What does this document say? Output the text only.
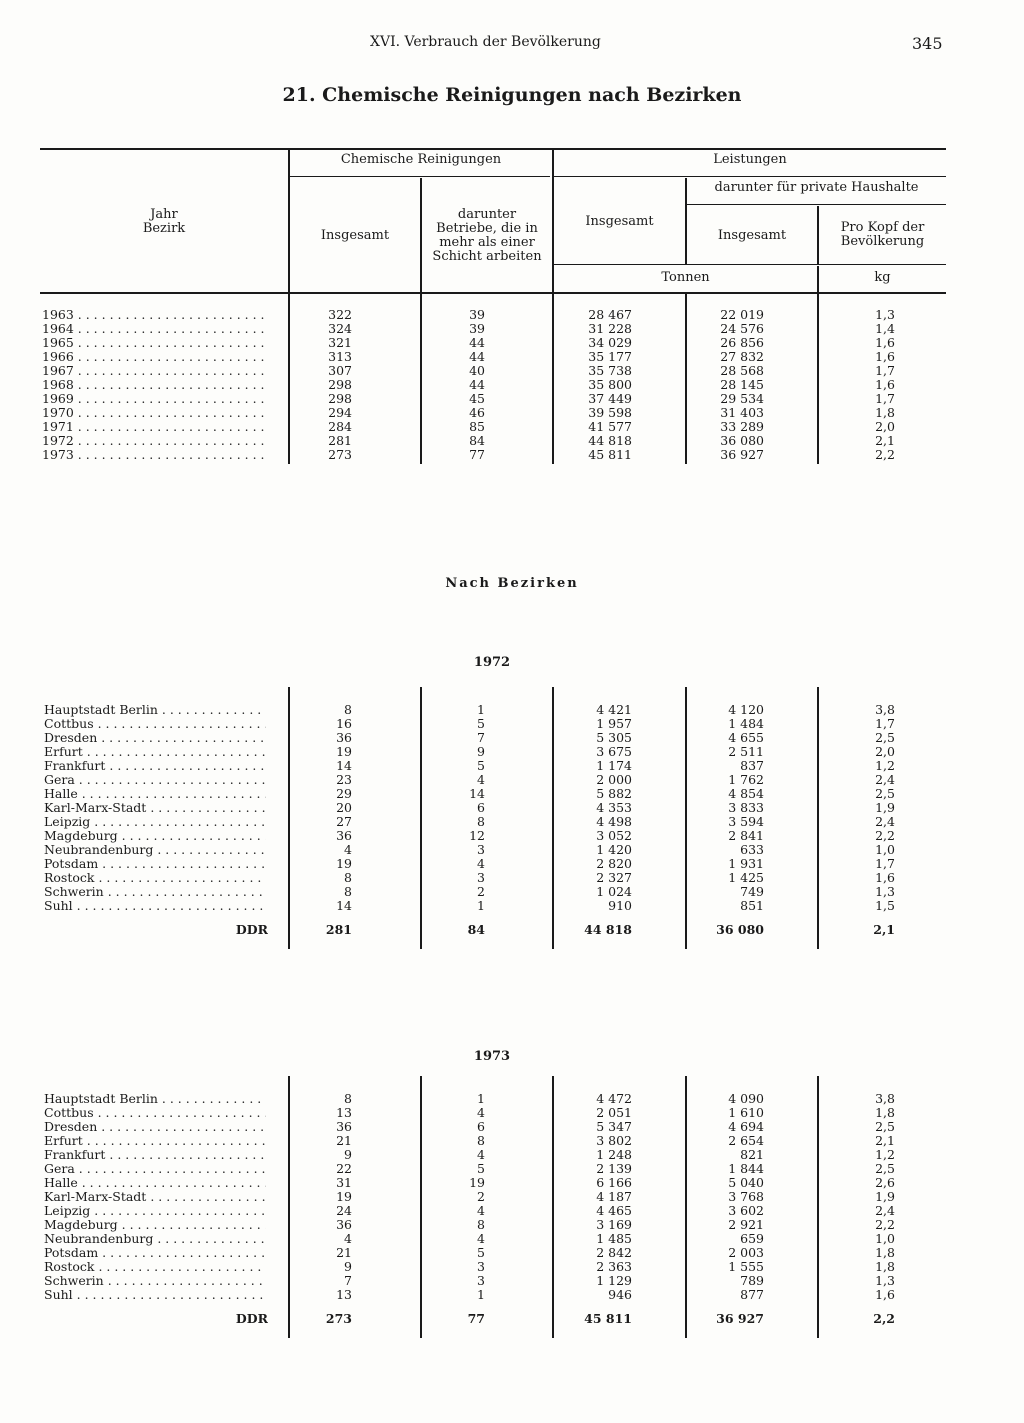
XVI. Verbrauch der Bevölkerung	345
21. Chemische Reinigungen nach Bezirken
Jahr
Bezirk
Chemische Reinigungen
Insgesamt
darunter
Betriebe, die in
mehr als einer
Schicht arbeiten
Leistungen
Insgesamt
darunter für private Haushalte
Insgesamt
Pro Kopf der
Bevölkerung
Tonnen	kg
Nach Bezirken
1972
1973
1963 . . .	322	39	28 467	22 019	1,3
1964 . . .	324	39	31 228	24 576	1,4
1965 . . .	321	44	34 029	26 856	1,6
1966 . . .	313	44	35 177	27 832	1,6
1967 . . .	307	40	35 738	28 568	1,7
1968 . . .	298	44	35 800	28 145	1,6
1969 . . .	298	45	37 449	29 534	1,7
1970 . . .	294	46	39 598	31 403	1,8
1971 . . .	284	85	41 577	33 289	2,0
1972 . . .	281	84	44 818	36 080	2,1
1973 . . .	273	77	45 811	36 927	2,2
Hauptstadt Berlin . . .	8	1	4 421	4 120	3,8
Cottbus . . .	16	5	1 957	1 484	1,7
Dresden . . .	36	7	5 305	4 655	2,5
Erfurt . . .	19	9	3 675	2 511	2,0
Frankfurt . . .	14	5	1 174	837	1,2
Gera . . .	23	4	2 000	1 762	2,4
Halle . . .	29	14	5 882	4 854	2,5
Karl-Marx-Stadt . . .	20	6	4 353	3 833	1,9
Leipzig . . .	27	8	4 498	3 594	2,4
Magdeburg . . .	36	12	3 052	2 841	2,2
Neubrandenburg . . .	4	3	1 420	633	1,0
Potsdam . . .	19	4	2 820	1 931	1,7
Rostock . . .	8	3	2 327	1 425	1,6
Schwerin . . .	8	2	1 024	749	1,3
Suhl . . .	14	1	910	851	1,5
DDR	281	84	44 818	36 080	2,1
Hauptstadt Berlin . . .	8	1	4 472	4 090	3,8
Cottbus . . .	13	4	2 051	1 610	1,8
Dresden . . .	36	6	5 347	4 694	2,5
Erfurt . . .	21	8	3 802	2 654	2,1
Frankfurt . . .	9	4	1 248	821	1,2
Gera . . .	22	5	2 139	1 844	2,5
Halle . . .	31	19	6 166	5 040	2,6
Karl-Marx-Stadt . . .	19	2	4 187	3 768	1,9
Leipzig . . .	24	4	4 465	3 602	2,4
Magdeburg . . .	36	8	3 169	2 921	2,2
Neubrandenburg . . .	4	4	1 485	659	1,0
Potsdam . . .	21	5	2 842	2 003	1,8
Rostock . . .	9	3	2 363	1 555	1,8
Schwerin . . .	7	3	1 129	789	1,3
Suhl . . .	13	1	946	877	1,6
DDR	273	77	45 811	36 927	2,2
